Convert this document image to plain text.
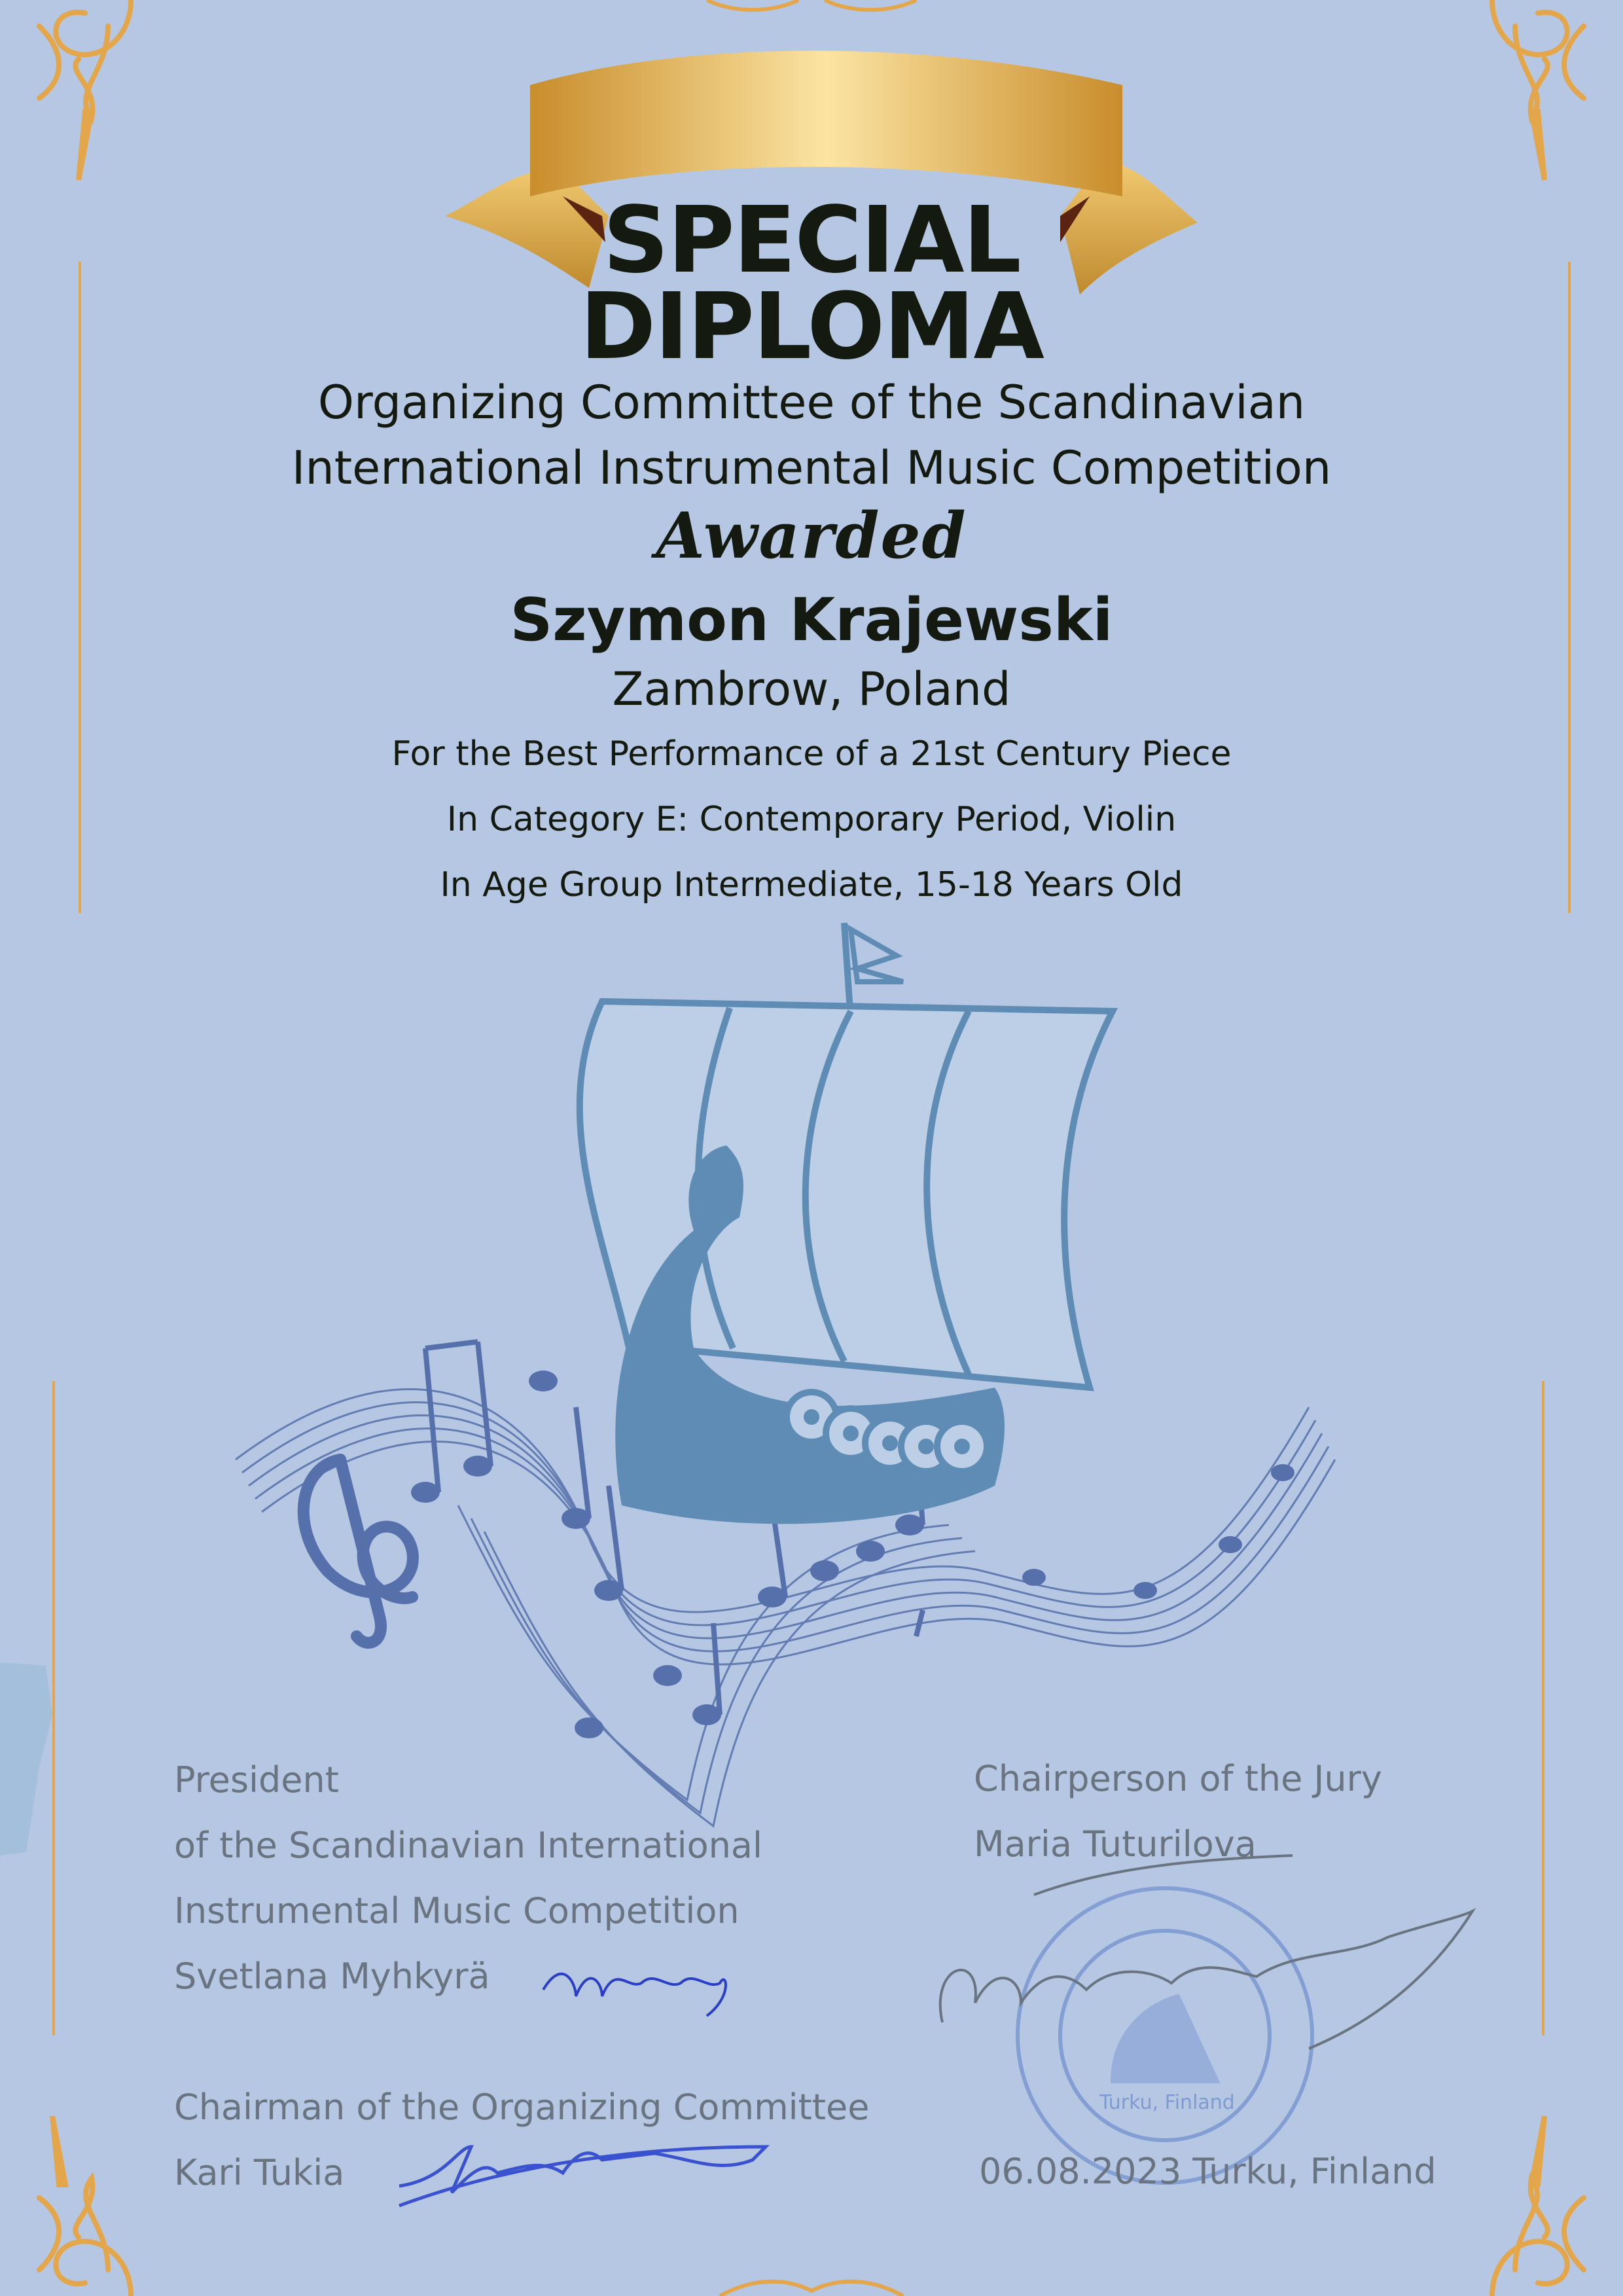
SPECIAL
DIPLOMA
Organizing Committee of the Scandinavian
International Instrumental Music Competition
Awarded
Szymon Krajewski
Zambrow, Poland
For the Best Performance of a 21st Century Piece
In Category E: Contemporary Period, Violin
In Age Group Intermediate, 15-18 Years Old
President
of the Scandinavian International
Instrumental Music Competition
Svetlana Myhkyrä
Chairman of the Organizing Committee
Kari Tukia
Chairperson of the Jury
Maria Tuturilova
06.08.2023 Turku, Finland
Turku, Finland
